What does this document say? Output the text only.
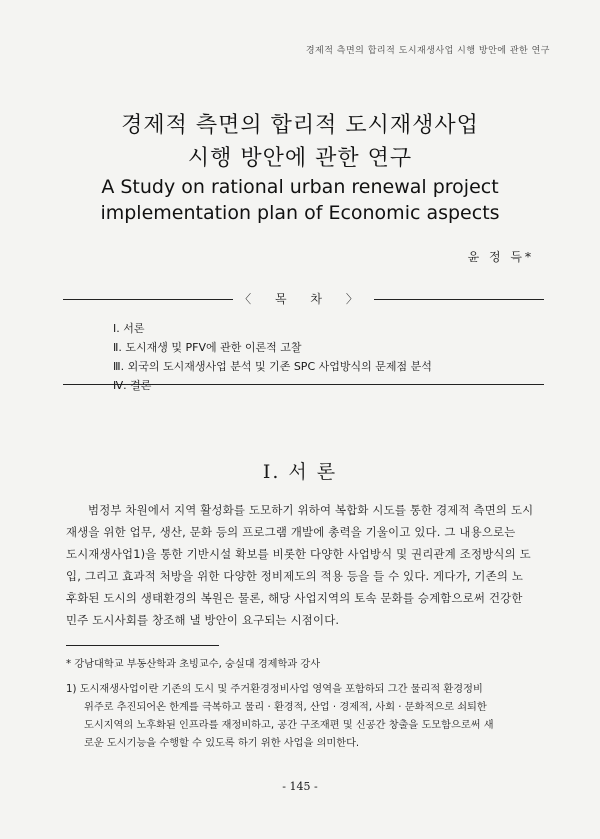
경제적 측면의 합리적 도시재생사업 시행 방안에 관한 연구
경제적 측면의 합리적 도시재생사업
시행 방안에 관한 연구
A Study on rational urban renewal project
implementation plan of Economic aspects
윤 정 득*
〈 목 차 〉
Ⅰ. 서론
Ⅱ. 도시재생 및 PFV에 관한 이론적 고찰
Ⅲ. 외국의 도시재생사업 분석 및 기존 SPC 사업방식의 문제점 분석
Ⅳ. 결론
Ⅰ. 서 론
범정부 차원에서 지역 활성화를 도모하기 위하여 복합화 시도를 통한 경제적 측면의 도시
재생을 위한 업무, 생산, 문화 등의 프로그램 개발에 총력을 기울이고 있다. 그 내용으로는
도시재생사업1)을 통한 기반시설 확보를 비롯한 다양한 사업방식 및 권리관계 조정방식의 도
입, 그리고 효과적 처방을 위한 다양한 정비제도의 적용 등을 들 수 있다. 게다가, 기존의 노
후화된 도시의 생태환경의 복원은 물론, 해당 사업지역의 토속 문화를 승계함으로써 건강한
민주 도시사회를 창조해 낼 방안이 요구되는 시점이다.
* 강남대학교 부동산학과 초빙교수, 숭실대 경제학과 강사
1) 도시재생사업이란 기존의 도시 및 주거환경정비사업 영역을 포함하되 그간 물리적 환경정비
위주로 추진되어온 한계를 극복하고 물리 · 환경적, 산업 · 경제적, 사회 · 문화적으로 쇠퇴한
도시지역의 노후화된 인프라를 재정비하고, 공간 구조재편 및 신공간 창출을 도모함으로써 새
로운 도시기능을 수행할 수 있도록 하기 위한 사업을 의미한다.
- 145 -
